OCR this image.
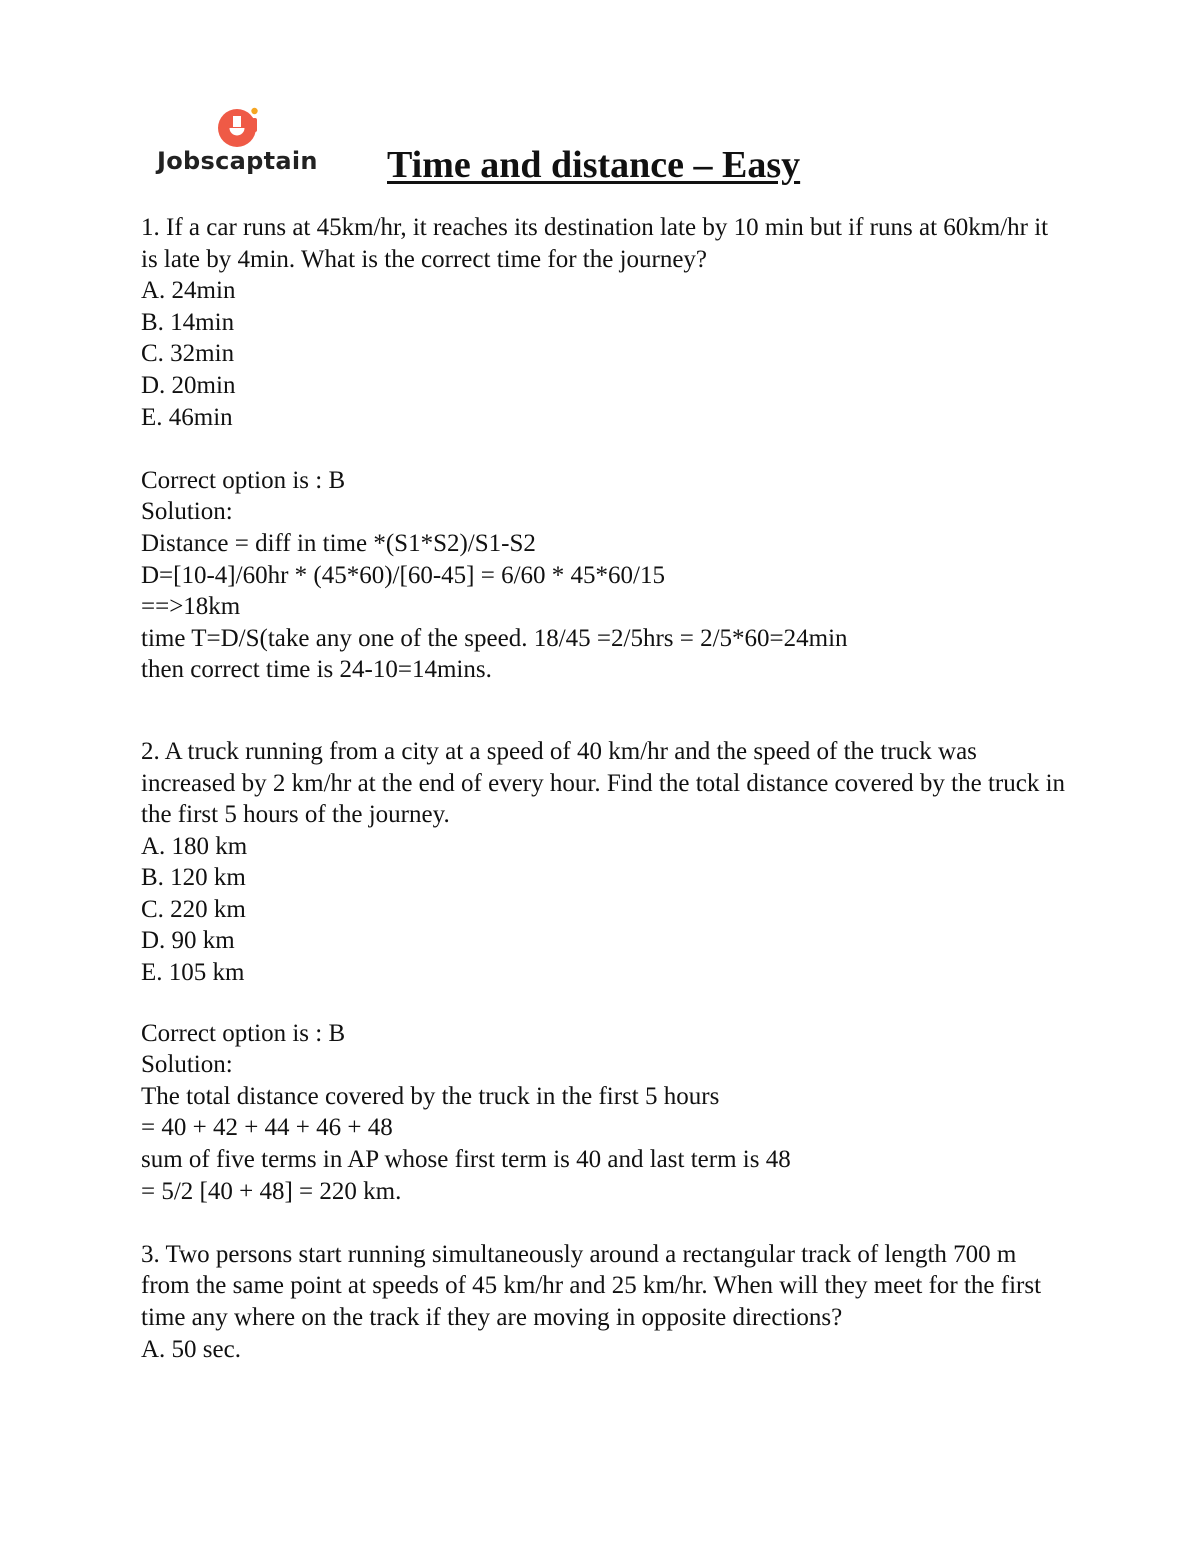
Jobscaptain Time and distance – Easy

1. If a car runs at 45km/hr, it reaches its destination late by 10 min but if runs at 60km/hr it is late by 4min. What is the correct time for the journey?

A. 24min

B. 14min

C. 32min

D. 20min

E. 46min

Correct option is : B

Solution:

Distance = diff in time *(S1*S2)/S1-S2

D=[10-4]/60hr * (45*60)/[60-45] = 6/60 * 45*60/15

==>18km

time T=D/S(take any one of the speed. 18/45 =2/5hrs = 2/5*60=24min

then correct time is 24-10=14mins.

2. A truck running from a city at a speed of 40 km/hr and the speed of the truck was increased by 2 km/hr at the end of every hour. Find the total distance covered by the truck in the first 5 hours of the journey.

A. 180 km

B. 120 km

C. 220 km

D. 90 km

E. 105 km

Correct option is : B

Solution:

The total distance covered by the truck in the first 5 hours

= 40 + 42 + 44 + 46 + 48

sum of five terms in AP whose first term is 40 and last term is 48

= 5/2 [40 + 48] = 220 km.

3. Two persons start running simultaneously around a rectangular track of length 700 m from the same point at speeds of 45 km/hr and 25 km/hr. When will they meet for the first time any where on the track if they are moving in opposite directions?

A. 50 sec.
